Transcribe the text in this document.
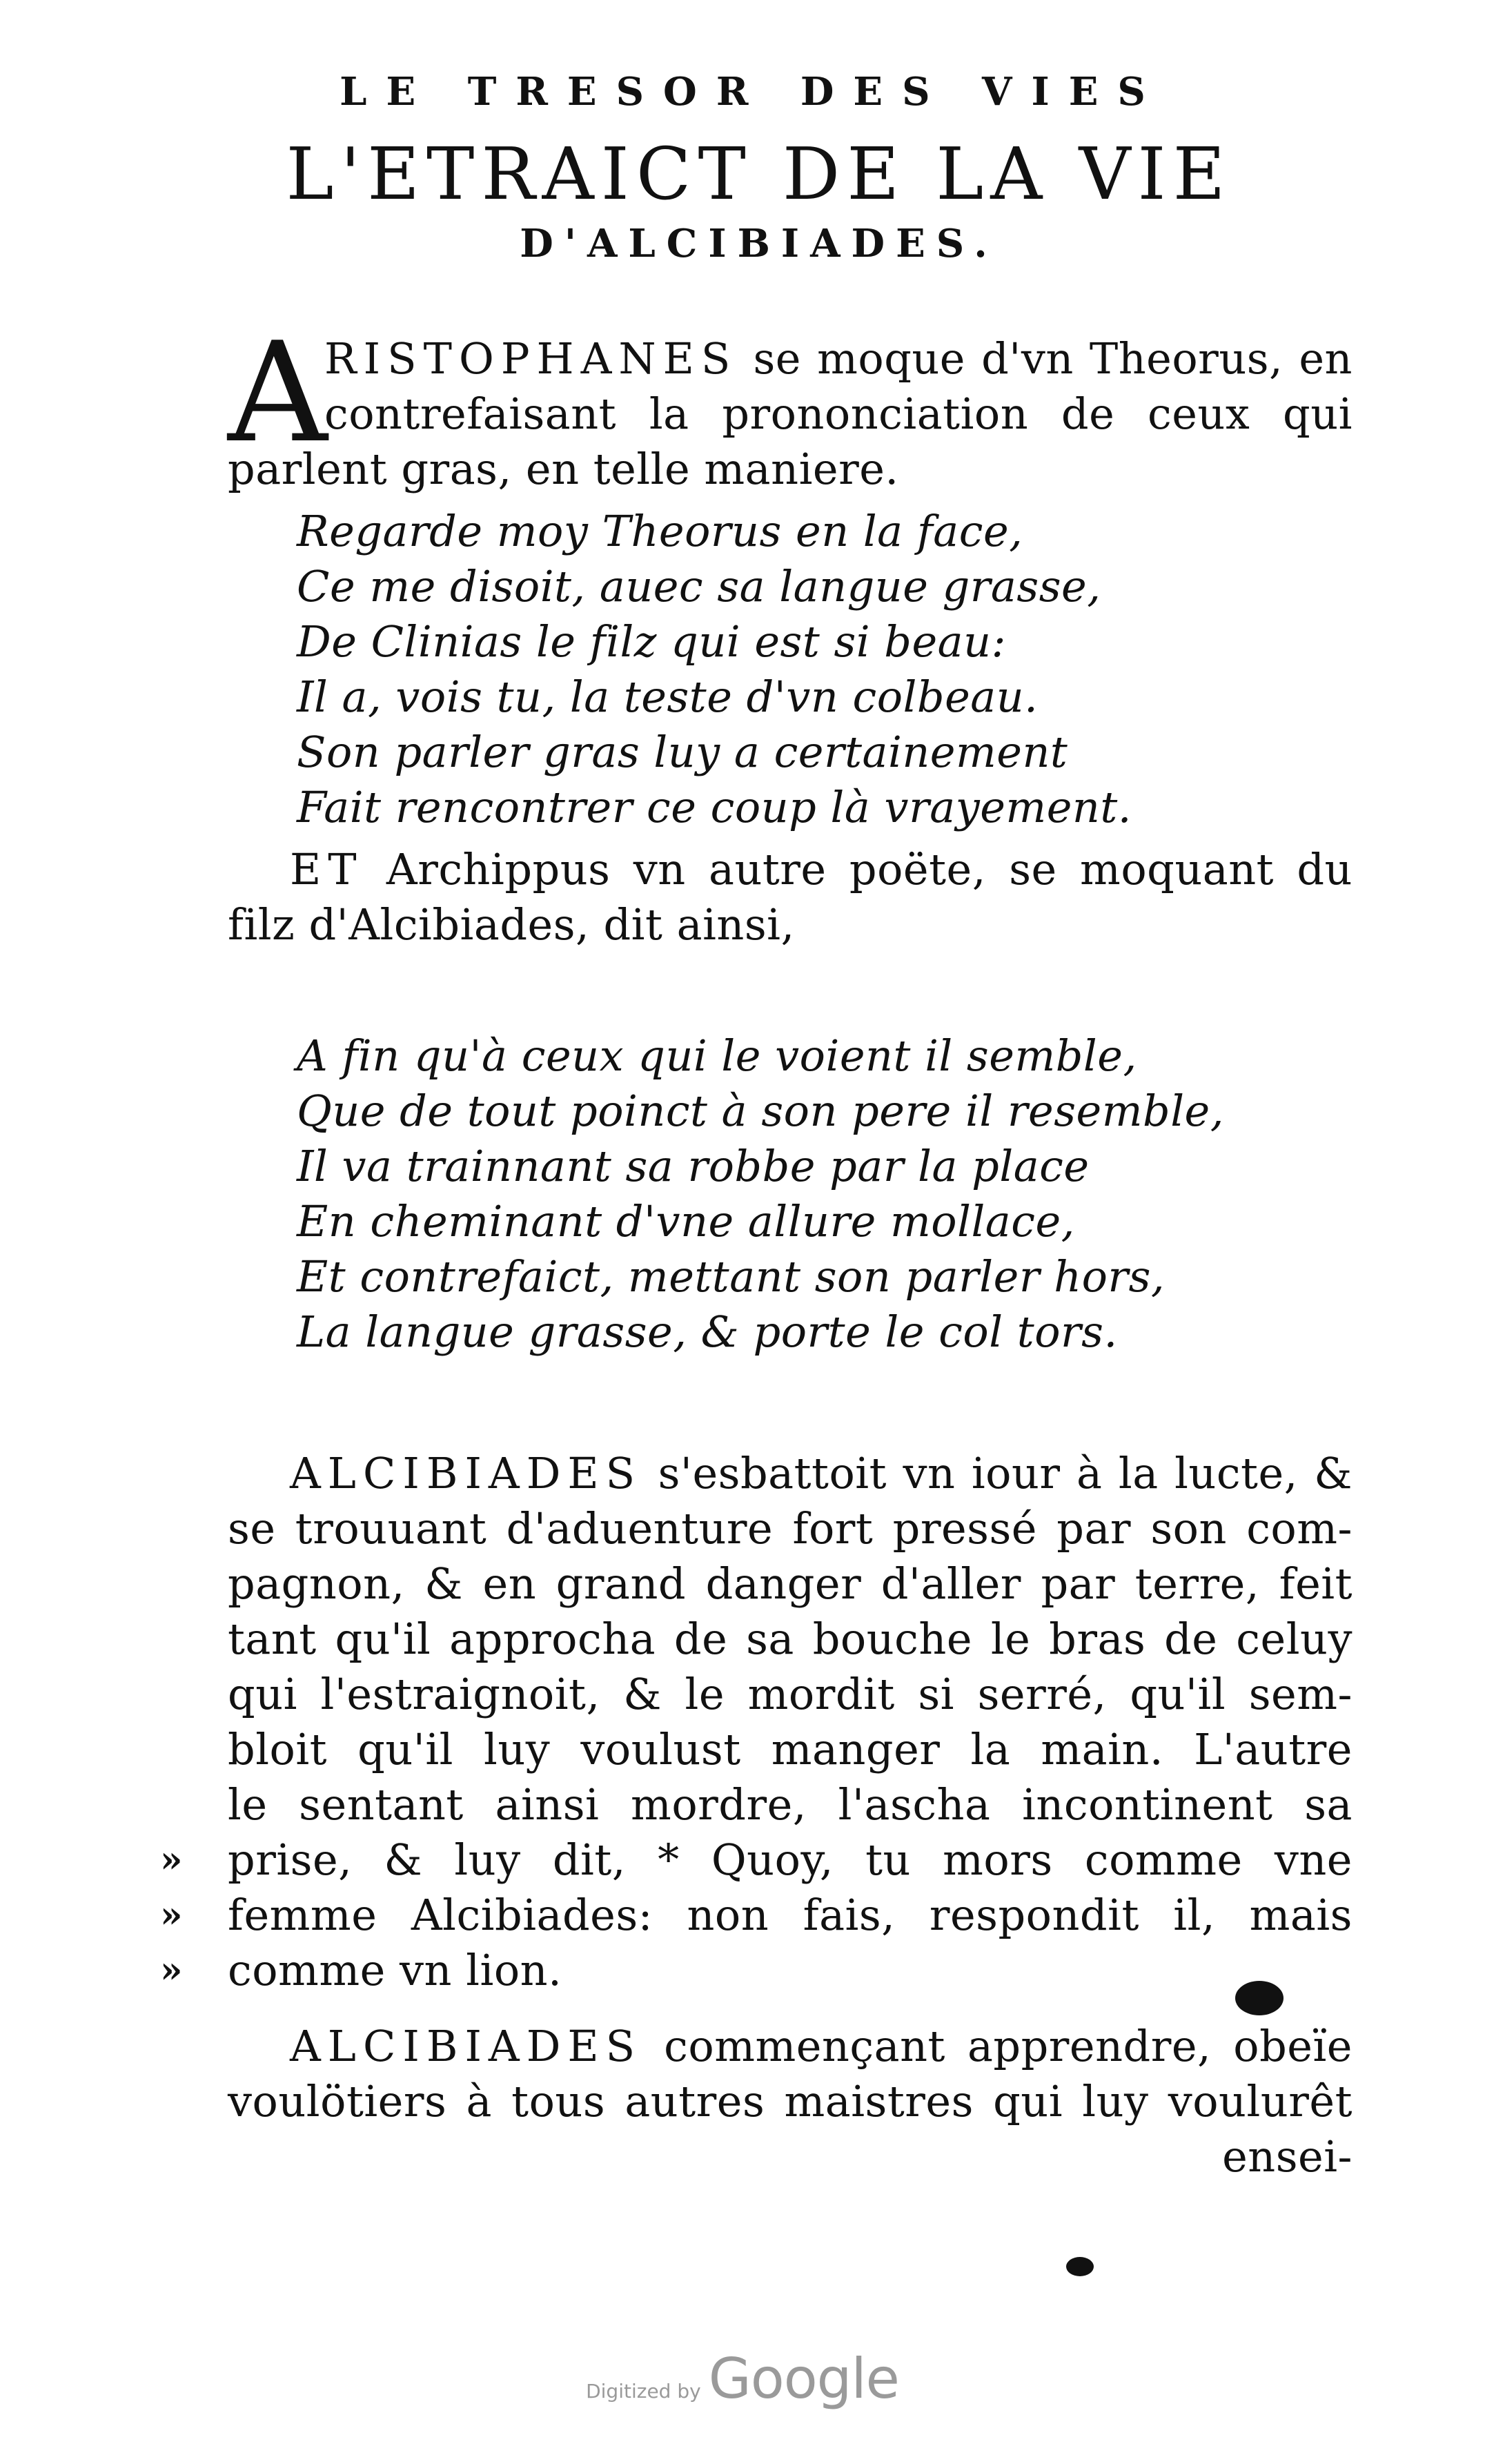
LE TRESOR DES VIES
L'ETRAICT DE LA VIE
D'ALCIBIADES.
A
RISTOPHANES se moque d'vn Theorus, en
contrefaisant la prononciation de ceux qui
parlent gras, en telle maniere.
Regarde moy Theorus en la face,
Ce me disoit, auec sa langue grasse,
De Clinias le filz qui est si beau:
Il a, vois tu, la teste d'vn colbeau.
Son parler gras luy a certainement
Fait rencontrer ce coup là vrayement.
ET Archippus vn autre poëte, se moquant du
filz d'Alcibiades, dit ainsi,
A fin qu'à ceux qui le voient il semble,
Que de tout poinct à son pere il resemble,
Il va trainnant sa robbe par la place
En cheminant d'vne allure mollace,
Et contrefaict, mettant son parler hors,
La langue grasse, & porte le col tors.
ALCIBIADES s'esbattoit vn iour à la lucte, &
se trouuant d'aduenture fort pressé par son com-
pagnon, & en grand danger d'aller par terre, feit
tant qu'il approcha de sa bouche le bras de celuy
qui l'estraignoit, & le mordit si serré, qu'il sem-
bloit qu'il luy voulust manger la main. L'autre
le sentant ainsi mordre, l'ascha incontinent sa
prise, & luy dit, * Quoy, tu mors comme vne
femme Alcibiades: non fais, respondit il, mais
comme vn lion.
»
»
»
ALCIBIADES commençant apprendre, obeïe
voulötiers à tous autres maistres qui luy voulurêt
ensei-
Digitized by Google
